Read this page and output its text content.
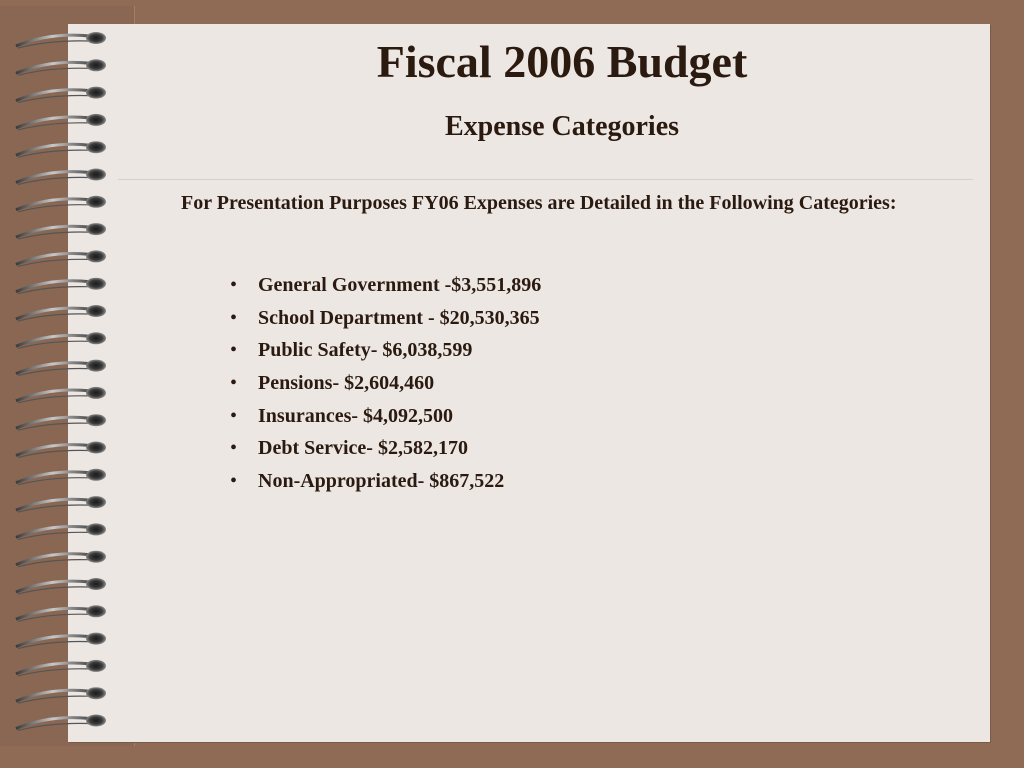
Fiscal 2006 Budget
Expense Categories

For Presentation Purposes FY06 Expenses are Detailed in the Following Categories:

•	General Government -$3,551,896
•	School Department - $20,530,365
•	Public Safety- $6,038,599
•	Pensions- $2,604,460
•	Insurances- $4,092,500
•	Debt Service- $2,582,170
•	Non-Appropriated- $867,522
